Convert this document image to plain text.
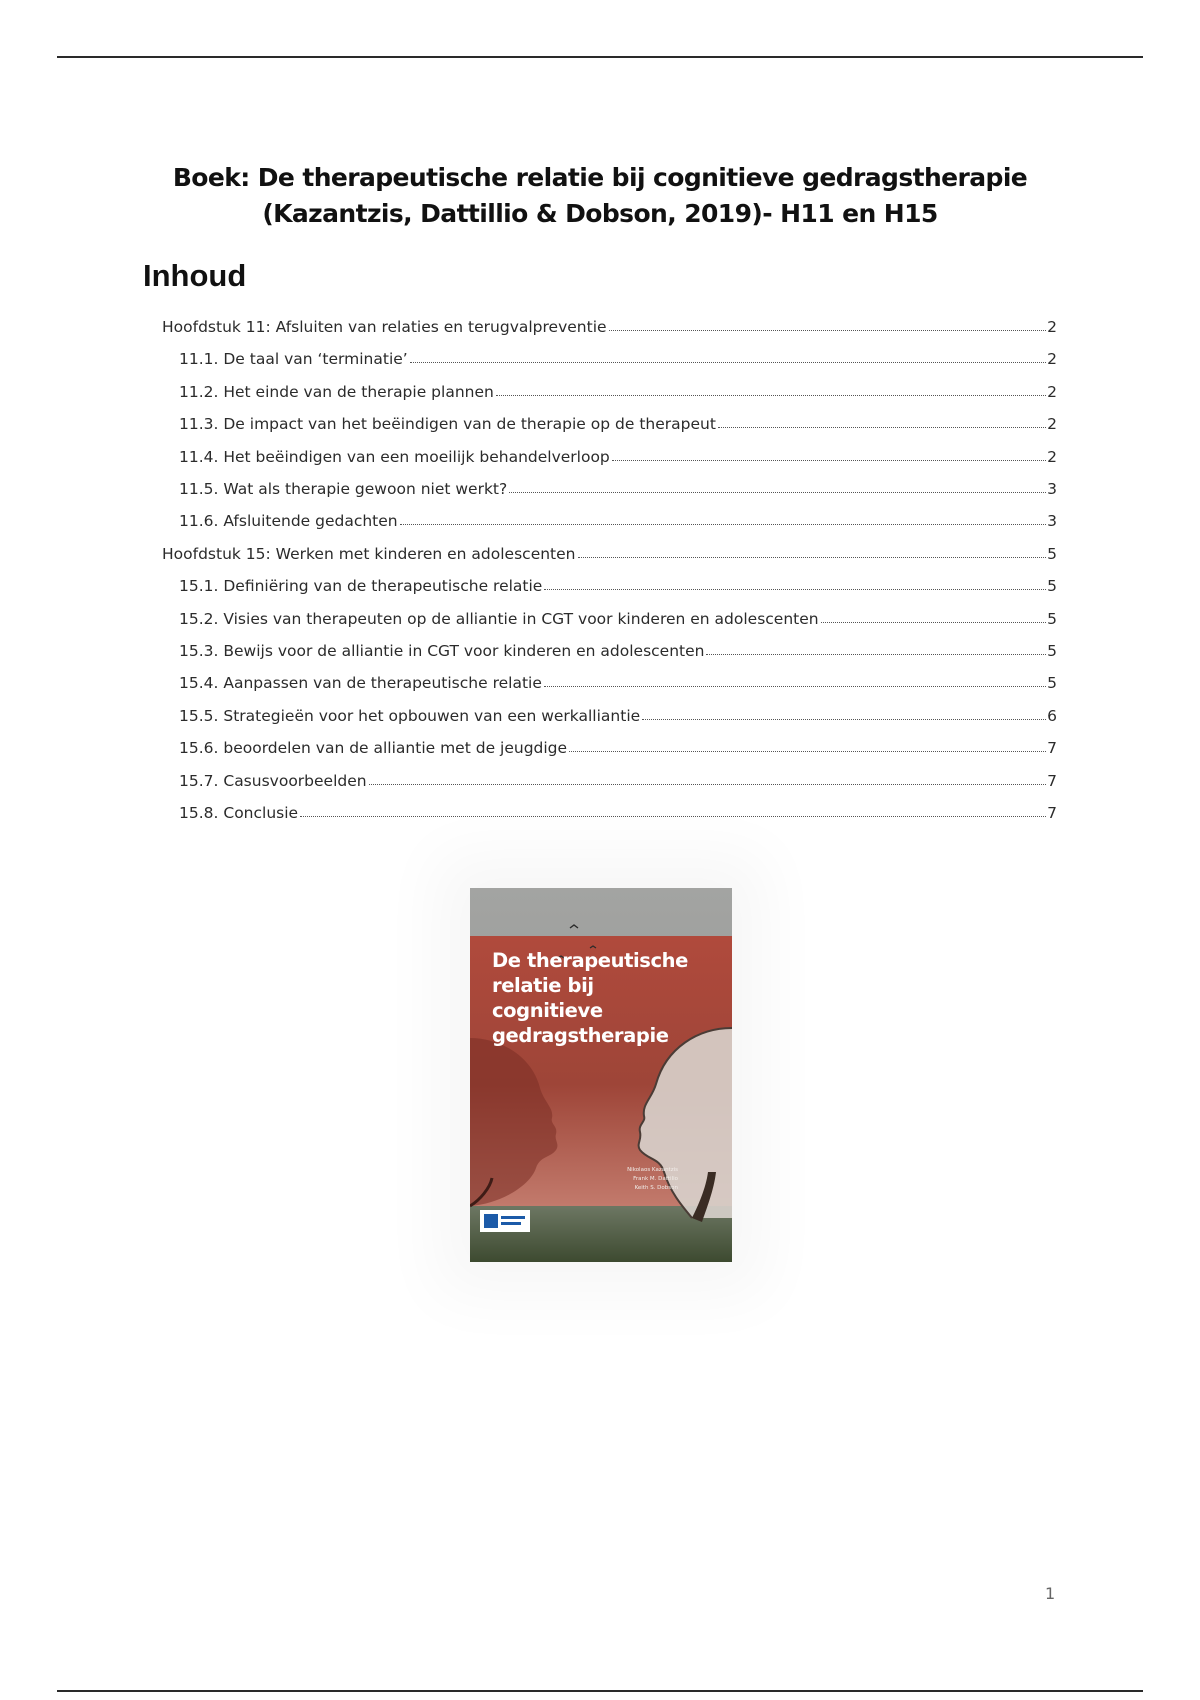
Boek: De therapeutische relatie bij cognitieve gedragstherapie
(Kazantzis, Dattillio & Dobson, 2019)- H11 en H15
Inhoud
Hoofdstuk 11: Afsluiten van relaties en terugvalpreventie	2
11.1. De taal van ‘terminatie’	2
11.2. Het einde van de therapie plannen	2
11.3. De impact van het beëindigen van de therapie op de therapeut	2
11.4. Het beëindigen van een moeilijk behandelverloop	2
11.5. Wat als therapie gewoon niet werkt?	3
11.6. Afsluitende gedachten	3
Hoofdstuk 15: Werken met kinderen en adolescenten	5
15.1. Definiëring van de therapeutische relatie	5
15.2. Visies van therapeuten op de alliantie in CGT voor kinderen en adolescenten	5
15.3. Bewijs voor de alliantie in CGT voor kinderen en adolescenten	5
15.4. Aanpassen van de therapeutische relatie	5
15.5. Strategieën voor het opbouwen van een werkalliantie	6
15.6. beoordelen van de alliantie met de jeugdige	7
15.7. Casusvoorbeelden	7
15.8. Conclusie	7
Nikolaos Kazantzis
Frank M. Dattilio
Keith S. Dobson
De therapeutische
relatie bij
cognitieve
gedragstherapie
1
